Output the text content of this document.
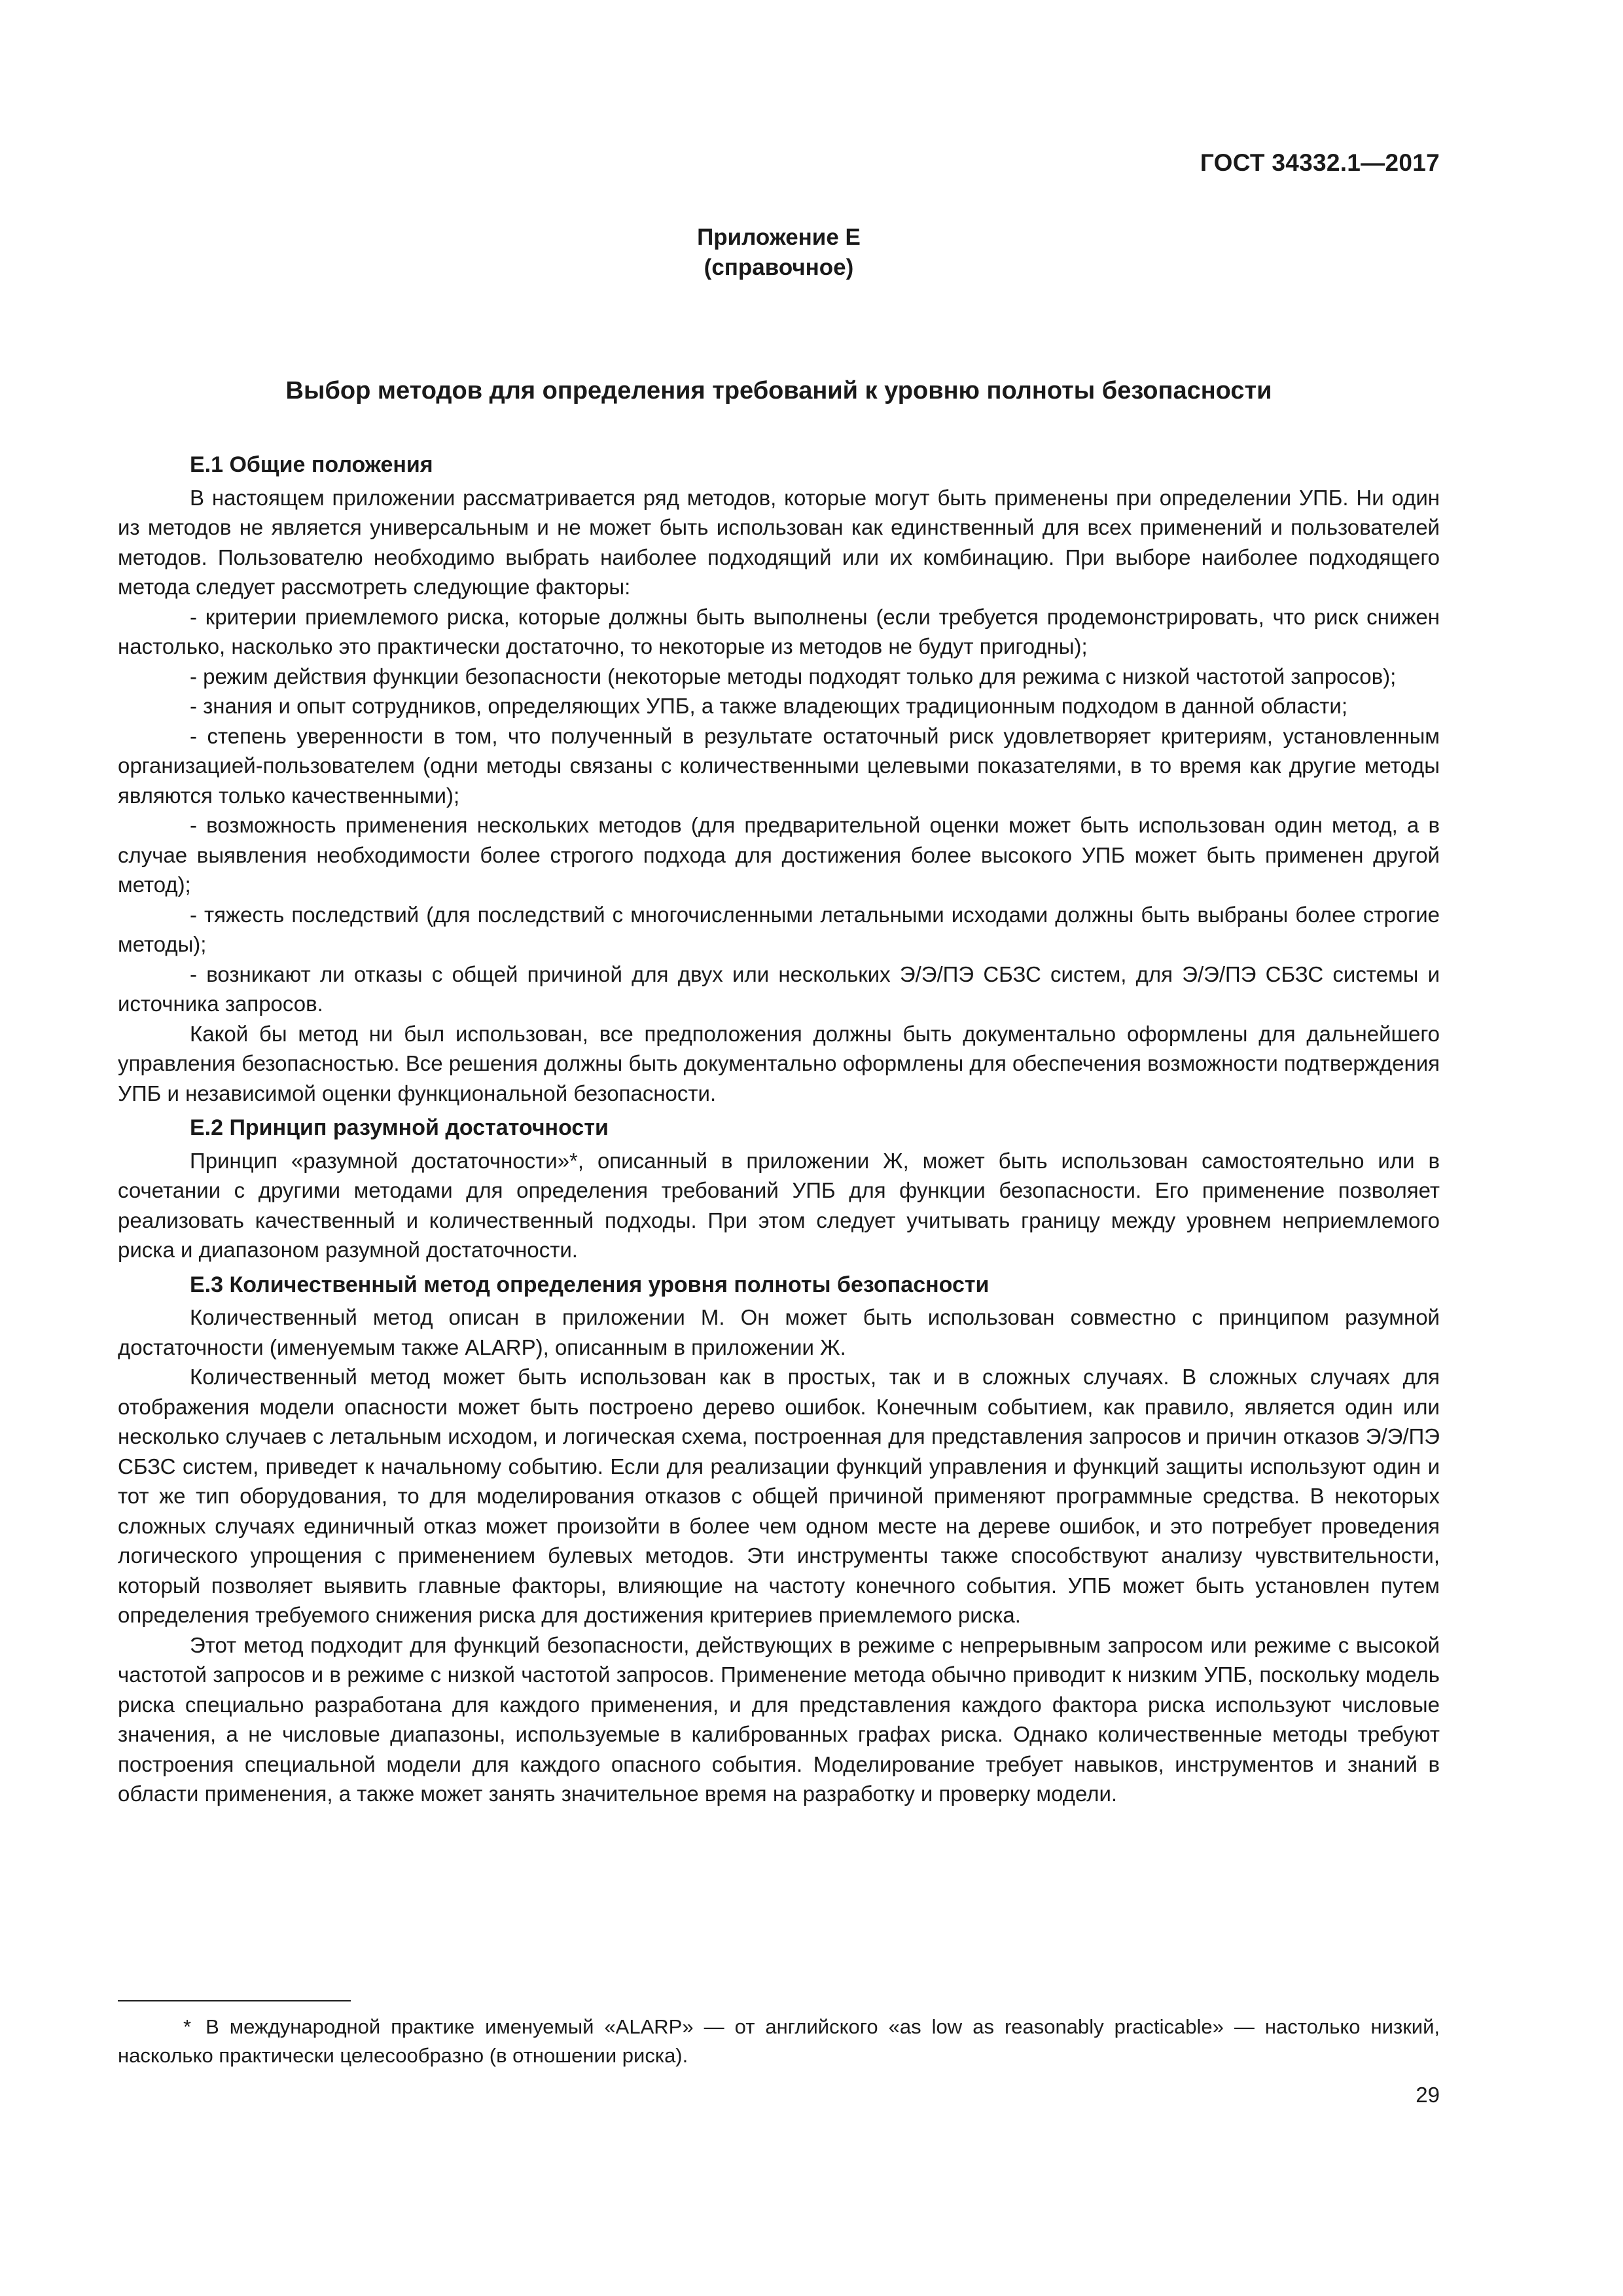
ГОСТ 34332.1—2017
Приложение Е
(справочное)
Выбор методов для определения требований к уровню полноты безопасности
Е.1 Общие положения

В настоящем приложении рассматривается ряд методов, которые могут быть применены при определении УПБ. Ни один из методов не является универсальным и не может быть использован как единственный для всех применений и пользователей методов. Пользователю необходимо выбрать наиболее подходящий или их комбинацию. При выборе наиболее подходящего метода следует рассмотреть следующие факторы:

- критерии приемлемого риска, которые должны быть выполнены (если требуется продемонстрировать, что риск снижен настолько, насколько это практически достаточно, то некоторые из методов не будут пригодны);

- режим действия функции безопасности (некоторые методы подходят только для режима с низкой частотой запросов);

- знания и опыт сотрудников, определяющих УПБ, а также владеющих традиционным подходом в данной области;

- степень уверенности в том, что полученный в результате остаточный риск удовлетворяет критериям, установленным организацией-пользователем (одни методы связаны с количественными целевыми показателями, в то время как другие методы являются только качественными);

- возможность применения нескольких методов (для предварительной оценки может быть использован один метод, а в случае выявления необходимости более строгого подхода для достижения более высокого УПБ может быть применен другой метод);

- тяжесть последствий (для последствий с многочисленными летальными исходами должны быть выбраны более строгие методы);

- возникают ли отказы с общей причиной для двух или нескольких Э/Э/ПЭ СБЗС систем, для Э/Э/ПЭ СБЗС системы и источника запросов.

Какой бы метод ни был использован, все предположения должны быть документально оформлены для дальнейшего управления безопасностью. Все решения должны быть документально оформлены для обеспечения возможности подтверждения УПБ и независимой оценки функциональной безопасности.

Е.2 Принцип разумной достаточности

Принцип «разумной достаточности»*, описанный в приложении Ж, может быть использован самостоятельно или в сочетании с другими методами для определения требований УПБ для функции безопасности. Его применение позволяет реализовать качественный и количественный подходы. При этом следует учитывать границу между уровнем неприемлемого риска и диапазоном разумной достаточности.

Е.3 Количественный метод определения уровня полноты безопасности

Количественный метод описан в приложении М. Он может быть использован совместно с принципом разумной достаточности (именуемым также ALARP), описанным в приложении Ж.

Количественный метод может быть использован как в простых, так и в сложных случаях. В сложных случаях для отображения модели опасности может быть построено дерево ошибок. Конечным событием, как правило, является один или несколько случаев с летальным исходом, и логическая схема, построенная для представления запросов и причин отказов Э/Э/ПЭ СБЗС систем, приведет к начальному событию. Если для реализации функций управления и функций защиты используют один и тот же тип оборудования, то для моделирования отказов с общей причиной применяют программные средства. В некоторых сложных случаях единичный отказ может произойти в более чем одном месте на дереве ошибок, и это потребует проведения логического упрощения с применением булевых методов. Эти инструменты также способствуют анализу чувствительности, который позволяет выявить главные факторы, влияющие на частоту конечного события. УПБ может быть установлен путем определения требуемого снижения риска для достижения критериев приемлемого риска.

Этот метод подходит для функций безопасности, действующих в режиме с непрерывным запросом или режиме с высокой частотой запросов и в режиме с низкой частотой запросов. Применение метода обычно приводит к низким УПБ, поскольку модель риска специально разработана для каждого применения, и для представления каждого фактора риска используют числовые значения, а не числовые диапазоны, используемые в калиброванных графах риска. Однако количественные методы требуют построения специальной модели для каждого опасного события. Моделирование требует навыков, инструментов и знаний в области применения, а также может занять значительное время на разработку и проверку модели.

* В международной практике именуемый «ALARP» — от английского «as low as reasonably practicable» — настолько низкий, насколько практически целесообразно (в отношении риска).
29
